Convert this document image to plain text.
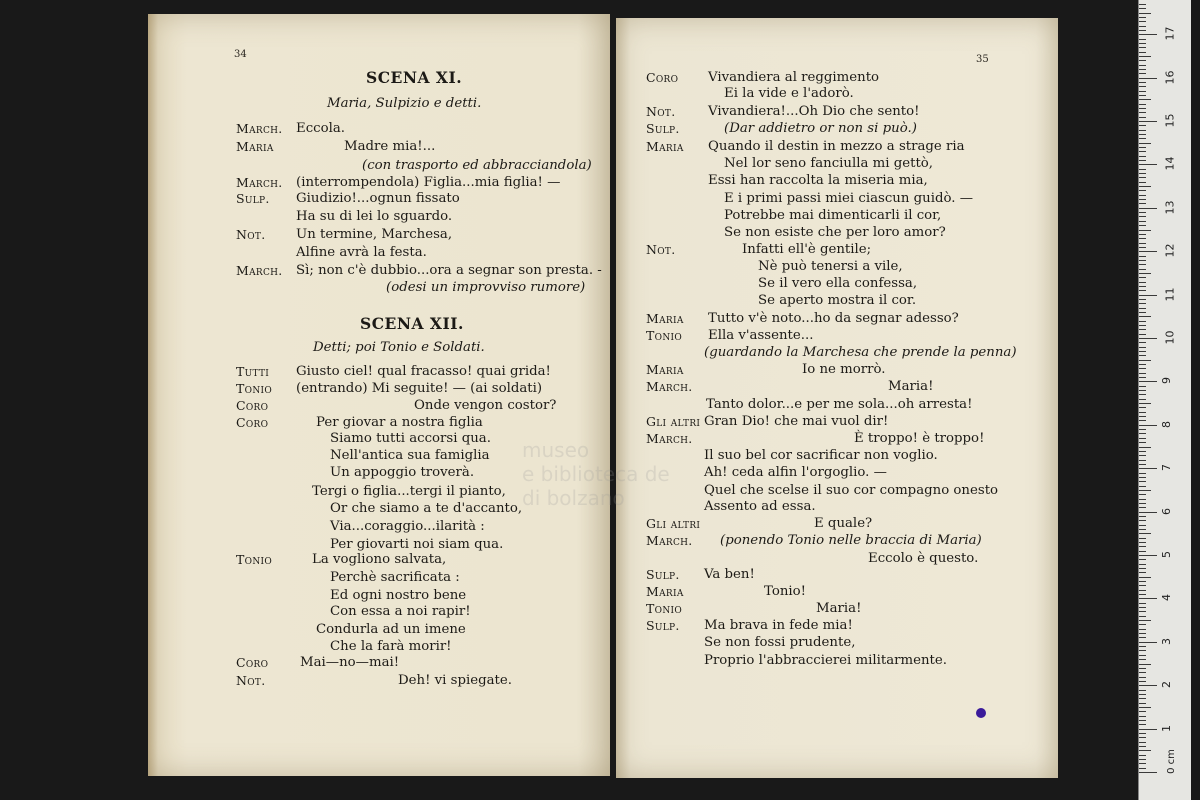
museo
e biblioteca de
di bolzano
0 cm
1
2
3
4
5
6
7
8
9
10
11
12
13
14
15
16
17
34
SCENA XI.
Maria, Sulpizio e detti.
March. Eccola.
Maria	Madre mia!...
(con trasporto ed abbracciandola)
March. (interrompendola) Figlia...mia figlia! —
Sulp. Giudizio!...ognun fissato
Ha su di lei lo sguardo.
Not. Un termine, Marchesa,
Alfine avrà la festa.
March. Sì; non c'è dubbio...ora a segnar son presta. -
(odesi un improvviso rumore)
SCENA XII.
Detti; poi Tonio e Soldati.
Tutti Giusto ciel! qual fracasso! quai grida!
Tonio (entrando) Mi seguite! — (ai soldati)
Coro	Onde vengon costor?
Coro	Per giovar a nostra figlia
Siamo tutti accorsi qua.
Nell'antica sua famiglia
Un appoggio troverà.
Tergi o figlia...tergi il pianto,
Or che siamo a te d'accanto,
Via...coraggio...ilarità :
Per giovarti noi siam qua.
Tonio	La vogliono salvata,
Perchè sacrificata :
Ed ogni nostro bene
Con essa a noi rapir!
Condurla ad un imene
Che la farà morir!
Coro Mai—no—mai!
Not.	Deh! vi spiegate.
35
Coro Vivandiera al reggimento
Ei la vide e l'adorò.
Not. Vivandiera!...Oh Dio che sento!
Sulp.	(Dar addietro or non si può.)
Maria Quando il destin in mezzo a strage ria
Nel lor seno fanciulla mi gettò,
Essi han raccolta la miseria mia,
E i primi passi miei ciascun guidò. —
Potrebbe mai dimenticarli il cor,
Se non esiste che per loro amor?
Not.	Infatti ell'è gentile;
Nè può tenersi a vile,
Se il vero ella confessa,
Se aperto mostra il cor.
Maria Tutto v'è noto...ho da segnar adesso?
Tonio Ella v'assente...
(guardando la Marchesa che prende la penna)
Maria	Io ne morrò.
March.	Maria!
Tanto dolor...e per me sola...oh arresta!
Gli altri Gran Dio! che mai vuol dir!
March.	È troppo! è troppo!
Il suo bel cor sacrificar non voglio.
Ah! ceda alfin l'orgoglio. —
Quel che scelse il suo cor compagno onesto
Assento ad essa.
Gli altri	E quale?
March. (ponendo Tonio nelle braccia di Maria)
Eccolo è questo.
Sulp. Va ben!
Maria	Tonio!
Tonio	Maria!
Sulp. Ma brava in fede mia!
Se non fossi prudente,
Proprio l'abbraccierei militarmente.
